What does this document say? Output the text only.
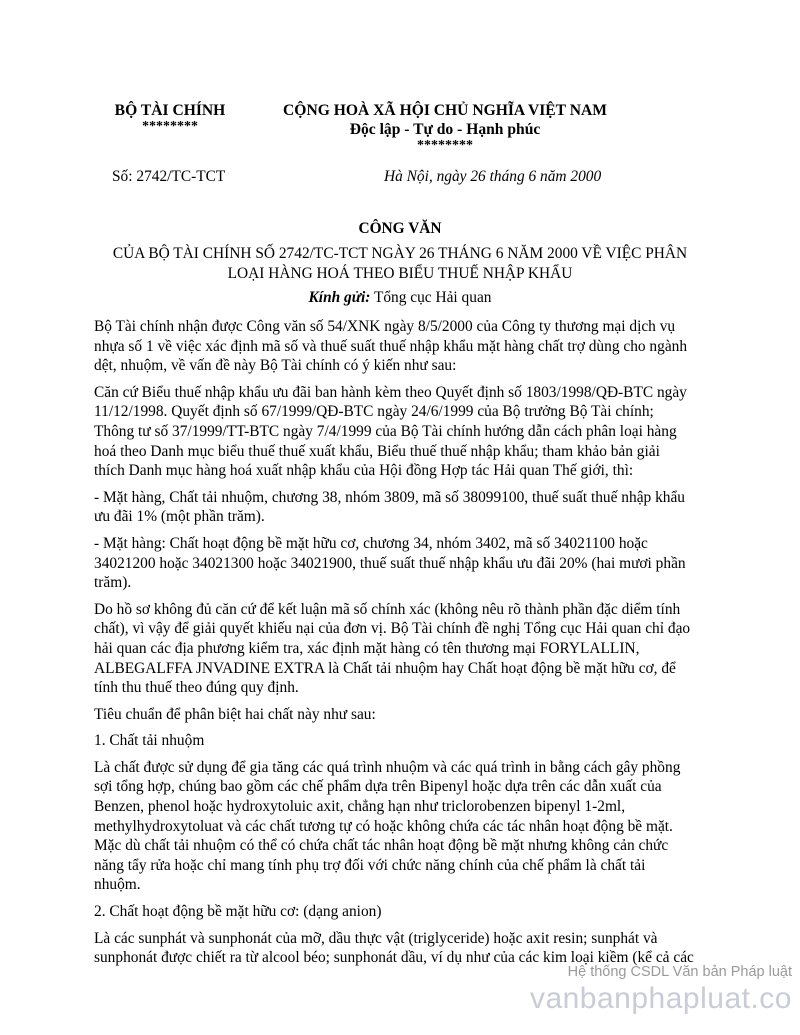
BỘ TÀI CHÍNH
********
CỘNG HOÀ XÃ HỘI CHỦ NGHĨA VIỆT NAM
Độc lập - Tự do - Hạnh phúc
********
Số: 2742/TC-TCT	Hà Nội, ngày 26 tháng 6 năm 2000
CÔNG VĂN
CỦA BỘ TÀI CHÍNH SỐ 2742/TC-TCT NGÀY 26 THÁNG 6 NĂM 2000 VỀ VIỆC PHÂN
LOẠI HÀNG HOÁ THEO BIỂU THUẾ NHẬP KHẨU
Kính gửi: Tổng cục Hải quan

Bộ Tài chính nhận được Công văn số 54/XNK ngày 8/5/2000 của Công ty thương mại dịch vụ
nhựa số 1 về việc xác định mã số và thuế suất thuế nhập khẩu mặt hàng chất trợ dùng cho ngành
dệt, nhuộm, về vấn đề này Bộ Tài chính có ý kiến như sau:

Căn cứ Biểu thuế nhập khẩu ưu đãi ban hành kèm theo Quyết định số 1803/1998/QĐ-BTC ngày
11/12/1998. Quyết định số 67/1999/QĐ-BTC ngày 24/6/1999 của Bộ trưởng Bộ Tài chính;
Thông tư số 37/1999/TT-BTC ngày 7/4/1999 của Bộ Tài chính hướng dẫn cách phân loại hàng
hoá theo Danh mục biểu thuế thuế xuất khẩu, Biểu thuế thuế nhập khẩu; tham khảo bản giải
thích Danh mục hàng hoá xuất nhập khẩu của Hội đồng Hợp tác Hải quan Thế giới, thì:

- Mặt hàng, Chất tải nhuộm, chương 38, nhóm 3809, mã số 38099100, thuế suất thuế nhập khẩu
ưu đãi 1% (một phần trăm).

- Mặt hàng: Chất hoạt động bề mặt hữu cơ, chương 34, nhóm 3402, mã số 34021100 hoặc
34021200 hoặc 34021300 hoặc 34021900, thuế suất thuế nhập khẩu ưu đãi 20% (hai mươi phần
trăm).

Do hồ sơ không đủ căn cứ để kết luận mã số chính xác (không nêu rõ thành phần đặc diểm tính
chất), vì vậy để giải quyết khiếu nại của đơn vị. Bộ Tài chính đề nghị Tổng cục Hải quan chỉ đạo
hải quan các địa phương kiểm tra, xác định mặt hàng có tên thương mại FORYLALLIN,
ALBEGALFFA JNVADINE EXTRA là Chất tải nhuộm hay Chất hoạt động bề mặt hữu cơ, để
tính thu thuế theo đúng quy định.

Tiêu chuẩn để phân biệt hai chất này như sau:

1. Chất tải nhuộm

Là chất được sử dụng để gia tăng các quá trình nhuộm và các quá trình in bằng cách gây phồng
sợi tổng hợp, chúng bao gồm các chế phẩm dựa trên Bipenyl hoặc dựa trên các dẫn xuất của
Benzen, phenol hoặc hydroxytoluic axit, chẳng hạn như triclorobenzen bipenyl 1-2ml,
methylhydroxytoluat và các chất tương tự có hoặc không chứa các tác nhân hoạt động bề mặt.
Mặc dù chất tải nhuộm có thể có chứa chất tác nhân hoạt động bề mặt nhưng không cản chức
năng tẩy rửa hoặc chỉ mang tính phụ trợ đối với chức năng chính của chế phẩm là chất tải
nhuộm.

2. Chất hoạt động bề mặt hữu cơ: (dạng anion)

Là các sunphát và sunphonát của mỡ, dầu thực vật (triglyceride) hoặc axit resin; sunphát và
sunphonát được chiết ra từ alcool béo; sunphonát dầu, ví dụ như của các kim loại kiềm (kể cả các

Hệ thống CSDL Văn bản Pháp luật
vanbanphapluat.co
